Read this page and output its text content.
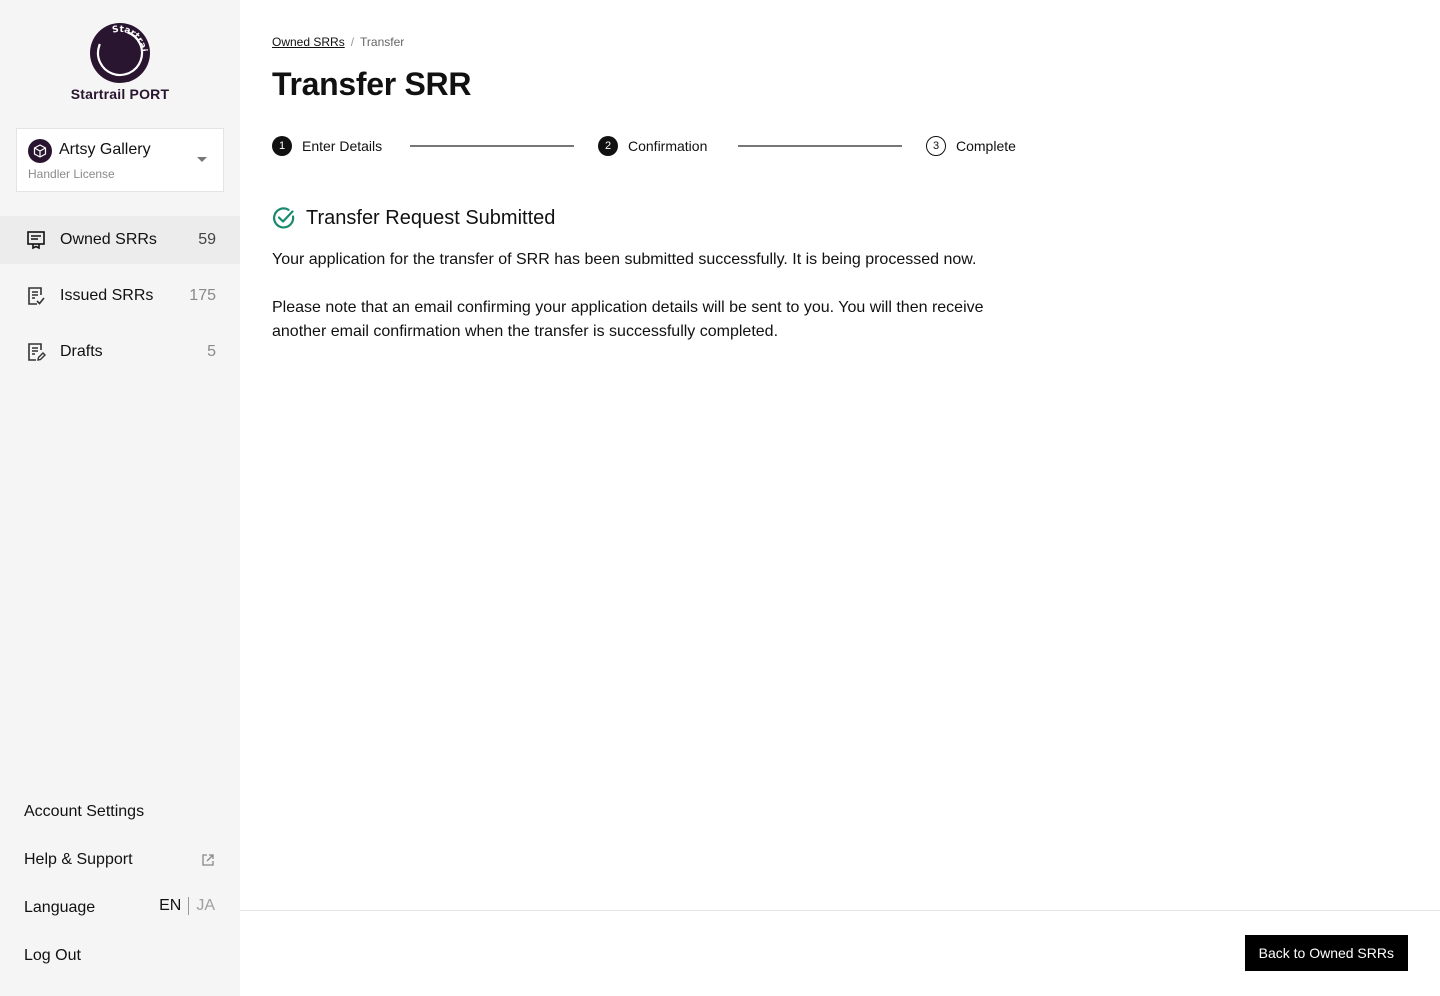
Startrai
Startrail PORT
Artsy Gallery
Handler License
Owned SRRs	59
Issued SRRs 175
Drafts	5
Account Settings
Help & Support
Language	EN JA
Log Out
Owned SRRs / Transfer
Transfer SRR
1	Enter Details	2	Confirmation	3	Complete
Transfer Request Submitted

Your application for the transfer of SRR has been submitted successfully. It is being processed now.

Please note that an email confirming your application details will be sent to you. You will then receive another email confirmation when the transfer is successfully completed.

Back to Owned SRRs
